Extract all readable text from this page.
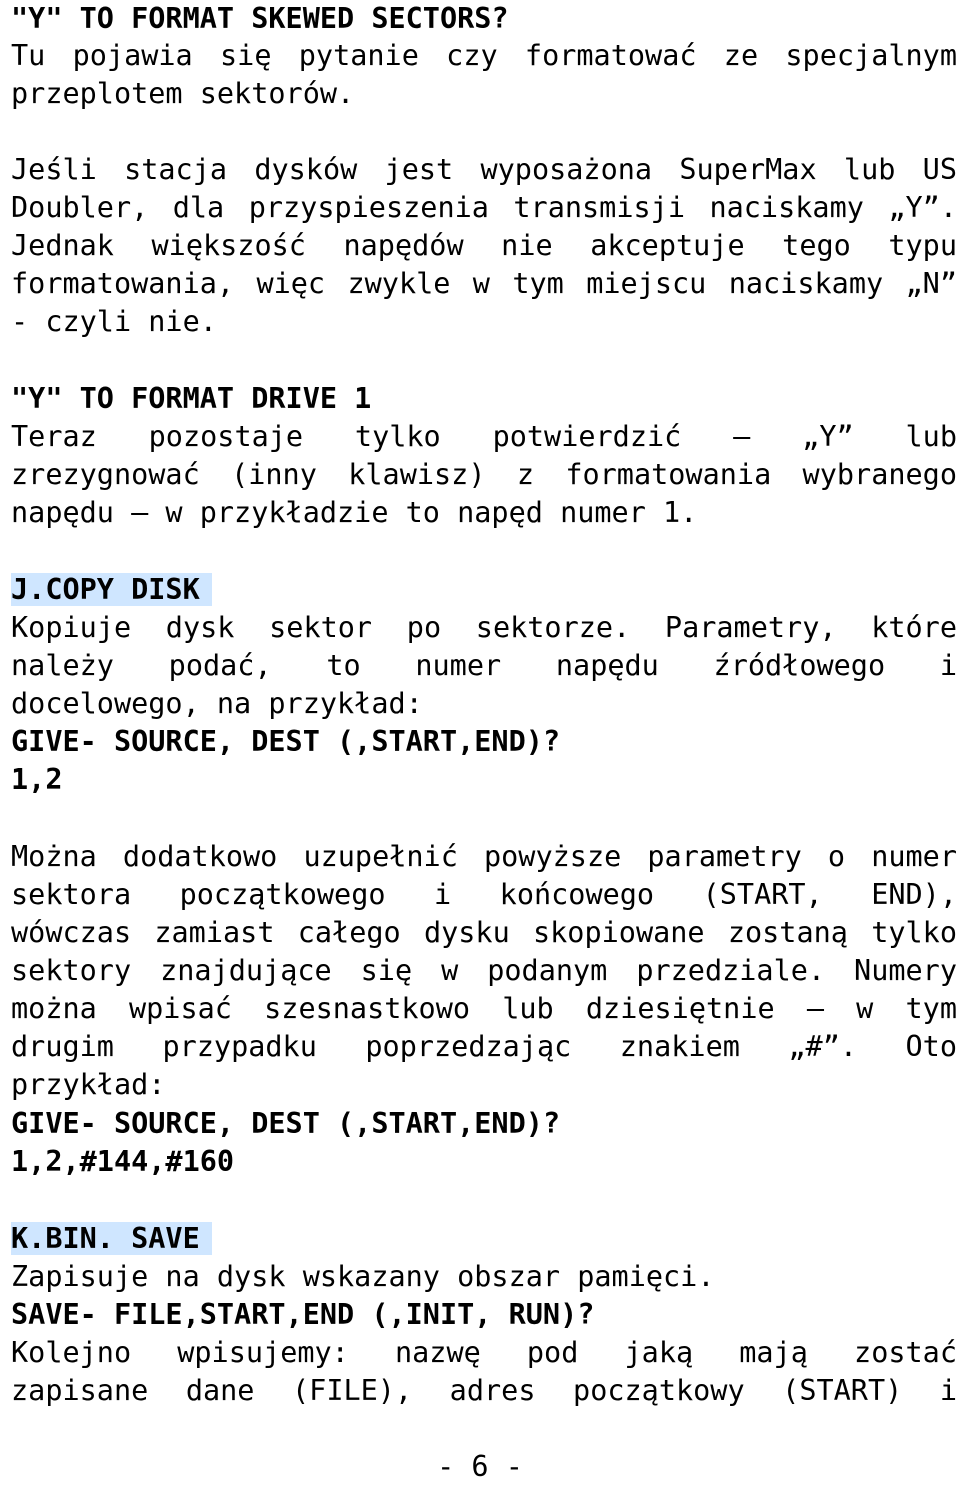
"Y" TO FORMAT SKEWED SECTORS?
Tu pojawia się pytanie czy formatować ze specjalnym
przeplotem sektorów.
Jeśli stacja dysków jest wyposażona SuperMax lub US
Doubler, dla przyspieszenia transmisji naciskamy „Y”.
Jednak większość napędów nie akceptuje tego typu
formatowania, więc zwykle w tym miejscu naciskamy „N”
- czyli nie.
"Y" TO FORMAT DRIVE 1
Teraz pozostaje tylko potwierdzić – „Y” lub
zrezygnować (inny klawisz) z formatowania wybranego
napędu – w przykładzie to napęd numer 1.
J.COPY DISK
Kopiuje dysk sektor po sektorze. Parametry, które
należy podać, to numer napędu źródłowego i
docelowego, na przykład:
GIVE- SOURCE, DEST (,START,END)?
1,2
Można dodatkowo uzupełnić powyższe parametry o numer
sektora początkowego i końcowego (START, END),
wówczas zamiast całego dysku skopiowane zostaną tylko
sektory znajdujące się w podanym przedziale. Numery
można wpisać szesnastkowo lub dziesiętnie – w tym
drugim przypadku poprzedzając znakiem „#”. Oto
przykład:
GIVE- SOURCE, DEST (,START,END)?
1,2,#144,#160
K.BIN. SAVE
Zapisuje na dysk wskazany obszar pamięci.
SAVE- FILE,START,END (,INIT, RUN)?
Kolejno wpisujemy: nazwę pod jaką mają zostać
zapisane dane (FILE), adres początkowy (START) i
- 6 -
